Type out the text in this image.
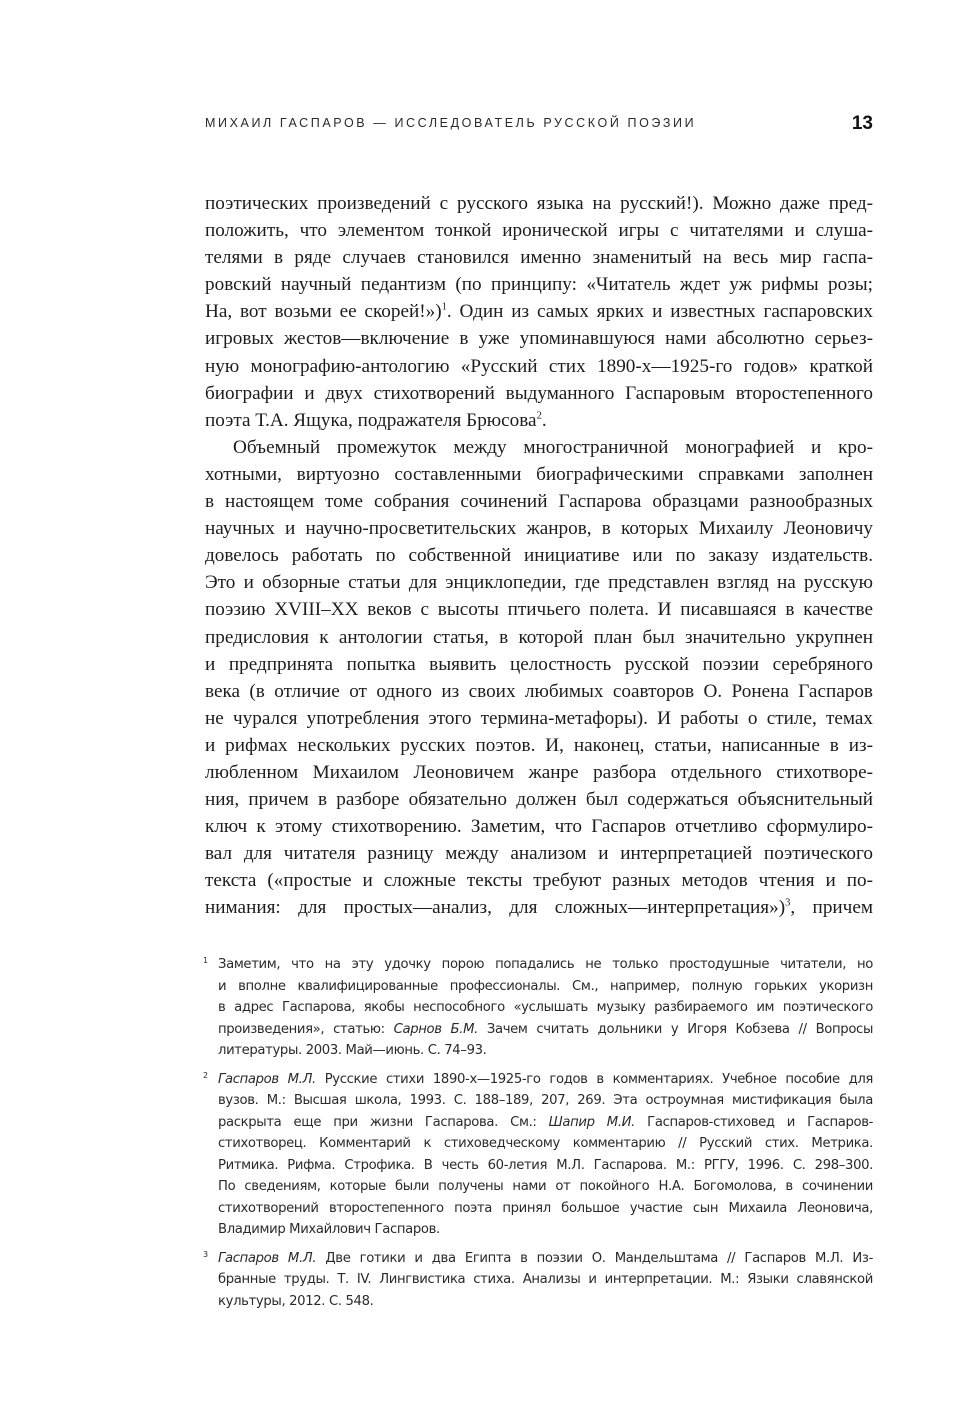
МИХАИЛ ГАСПАРОВ — ИССЛЕДОВАТЕЛЬ РУССКОЙ ПОЭЗИИ	13
поэтических произведений с русского языка на русский!). Можно даже пред-
положить, что элементом тонкой иронической игры с читателями и слуша-
телями в ряде случаев становился именно знаменитый на весь мир гаспа-
ровский научный педантизм (по принципу: «Читатель ждет уж рифмы розы;
На, вот возьми ее скорей!»)$^1$. Один из самых ярких и известных гаспаровских
игровых жестов—включение в уже упоминавшуюся нами абсолютно серьез-
ную монографию-антологию «Русский стих 1890-х—1925-го годов» краткой
биографии и двух стихотворений выдуманного Гаспаровым второстепенного
поэта Т.А. Ящука, подражателя Брюсова$^2$.
Объемный промежуток между многостраничной монографией и кро-
хотными, виртуозно составленными биографическими справками заполнен
в настоящем томе собрания сочинений Гаспарова образцами разнообразных
научных и научно-просветительских жанров, в которых Михаилу Леоновичу
довелось работать по собственной инициативе или по заказу издательств.
Это и обзорные статьи для энциклопедии, где представлен взгляд на русскую
поэзию XVIII–XX веков с высоты птичьего полета. И писавшаяся в качестве
предисловия к антологии статья, в которой план был значительно укрупнен
и предпринята попытка выявить целостность русской поэзии серебряного
века (в отличие от одного из своих любимых соавторов О. Ронена Гаспаров
не чурался употребления этого термина-метафоры). И работы о стиле, темах
и рифмах нескольких русских поэтов. И, наконец, статьи, написанные в из-
любленном Михаилом Леоновичем жанре разбора отдельного стихотворе-
ния, причем в разборе обязательно должен был содержаться объяснительный
ключ к этому стихотворению. Заметим, что Гаспаров отчетливо сформулиро-
вал для читателя разницу между анализом и интерпретацией поэтического
текста («простые и сложные тексты требуют разных методов чтения и по-
нимания: для простых—анализ, для сложных—интерпретация»)$^3$, причем
1 Заметим, что на эту удочку порою попадались не только простодушные читатели, но
и вполне квалифицированные профессионалы. См., например, полную горьких укоризн
в адрес Гаспарова, якобы неспособного «услышать музыку разбираемого им поэтического
произведения», статью: Сарнов Б.М. Зачем считать дольники у Игоря Кобзева // Вопросы
литературы. 2003. Май—июнь. С. 74–93.
2 Гаспаров М.Л. Русские стихи 1890-х—1925-го годов в комментариях. Учебное пособие для
вузов. М.: Высшая школа, 1993. С. 188–189, 207, 269. Эта остроумная мистификация была
раскрыта еще при жизни Гаспарова. См.: Шапир М.И. Гаспаров-стиховед и Гаспаров-
стихотворец. Комментарий к стиховедческому комментарию // Русский стих. Метрика.
Ритмика. Рифма. Строфика. В честь 60-летия М.Л. Гаспарова. М.: РГГУ, 1996. С. 298–300.
По сведениям, которые были получены нами от покойного Н.А. Богомолова, в сочинении
стихотворений второстепенного поэта принял большое участие сын Михаила Леоновича,
Владимир Михайлович Гаспаров.
3 Гаспаров М.Л. Две готики и два Египта в поэзии О. Мандельштама // Гаспаров М.Л. Из-
бранные труды. Т. IV. Лингвистика стиха. Анализы и интерпретации. М.: Языки славянской
культуры, 2012. С. 548.
